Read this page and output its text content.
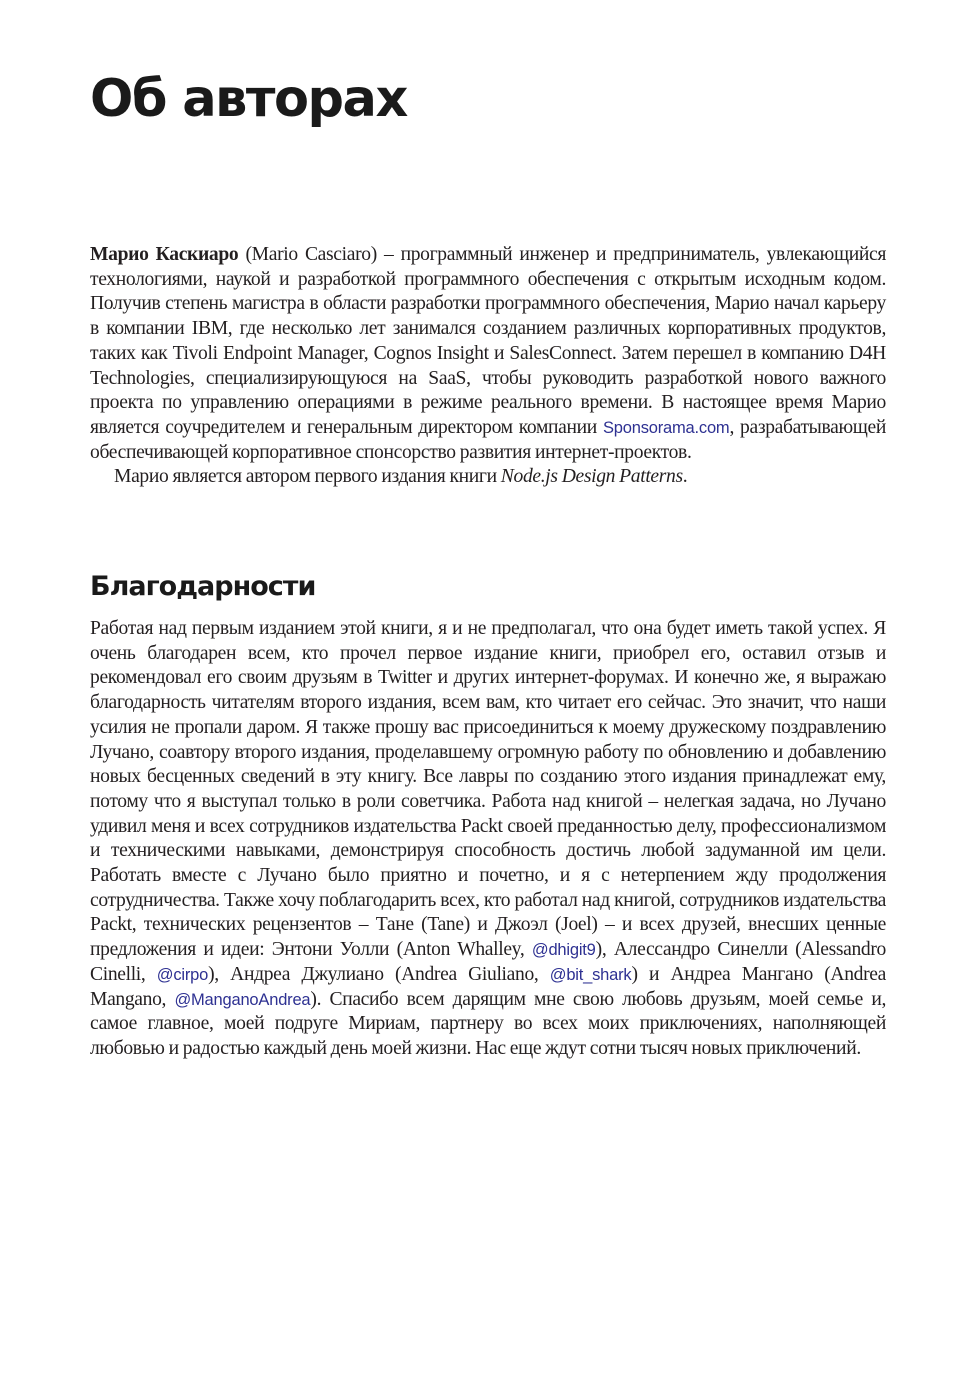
Об авторах

Марио Каскиаро (Mario Casciaro) – программный инженер и предприниматель, увлекающийся технологиями, наукой и разработкой программного обеспечения с открытым исходным кодом. Получив степень магистра в области разработки программного обеспечения, Марио начал карьеру в компании IBM, где несколько лет занимался созданием различных корпоративных продуктов, таких как Tivoli Endpoint Manager, Cognos Insight и SalesConnect. Затем перешел в компанию D4H Technologies, специализирующуюся на SaaS, чтобы руководить разработкой нового важного проекта по управлению операциями в режиме реального времени. В настоящее время Марио является соучредителем и генеральным директором компании Sponsorama.com, разрабатывающей обеспечивающей корпоративное спонсорство развития интернет-проектов.

Марио является автором первого издания книги Node.js Design Patterns.

Благодарности

Работая над первым изданием этой книги, я и не предполагал, что она будет иметь такой успех. Я очень благодарен всем, кто прочел первое издание книги, приобрел его, оставил отзыв и рекомендовал его своим друзьям в Twitter и других интернет-форумах. И конечно же, я выражаю благодарность читателям второго издания, всем вам, кто читает его сейчас. Это значит, что наши усилия не пропали даром. Я также прошу вас присоединиться к моему дружескому поздравлению Лучано, соавтору второго издания, проделавшему огромную работу по обновлению и добавлению новых бесценных сведений в эту книгу. Все лавры по созданию этого издания принадлежат ему, потому что я выступал только в роли советчика. Работа над книгой – нелегкая задача, но Лучано удивил меня и всех сотрудников издательства Packt своей преданностью делу, профессионализмом и техническими навыками, демонстрируя способность достичь любой задуманной им цели. Работать вместе с Лучано было приятно и почетно, и я с нетерпением жду продолжения сотрудничества. Также хочу поблагодарить всех, кто работал над книгой, сотрудников издательства Packt, технических рецензентов – Тане (Tane) и Джоэл (Joel) – и всех друзей, внесших ценные предложения и идеи: Энтони Уолли (Anton Whalley, @dhigit9), Алессандро Синелли (Alessandro Cinelli, @cirpo), Андреа Джулиано (Andrea Giuliano, @bit_shark) и Андреа Мангано (Andrea Mangano, @ManganoAndrea). Спасибо всем дарящим мне свою любовь друзьям, моей семье и, самое главное, моей подруге Мириам, партнеру во всех моих приключениях, наполняющей любовью и радостью каждый день моей жизни. Нас еще ждут сотни тысяч новых приключений.
